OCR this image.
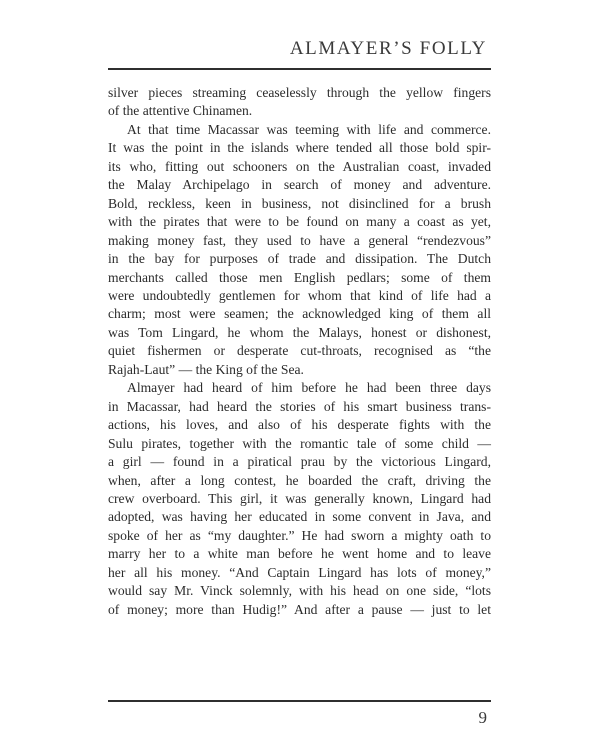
ALMAYER’S FOLLY
silver pieces streaming ceaselessly through the yellow fingers
of the attentive Chinamen.
At that time Macassar was teeming with life and commerce.
It was the point in the islands where tended all those bold spir-
its who, fitting out schooners on the Australian coast, invaded
the Malay Archipelago in search of money and adventure.
Bold, reckless, keen in business, not disinclined for a brush
with the pirates that were to be found on many a coast as yet,
making money fast, they used to have a general “rendezvous”
in the bay for purposes of trade and dissipation. The Dutch
merchants called those men English pedlars; some of them
were undoubtedly gentlemen for whom that kind of life had a
charm; most were seamen; the acknowledged king of them all
was Tom Lingard, he whom the Malays, honest or dishonest,
quiet fishermen or desperate cut-throats, recognised as “the
Rajah-Laut” — the King of the Sea.
Almayer had heard of him before he had been three days
in Macassar, had heard the stories of his smart business trans-
actions, his loves, and also of his desperate fights with the
Sulu pirates, together with the romantic tale of some child —
a girl — found in a piratical prau by the victorious Lingard,
when, after a long contest, he boarded the craft, driving the
crew overboard. This girl, it was generally known, Lingard had
adopted, was having her educated in some convent in Java, and
spoke of her as “my daughter.” He had sworn a mighty oath to
marry her to a white man before he went home and to leave
her all his money. “And Captain Lingard has lots of money,”
would say Mr. Vinck solemnly, with his head on one side, “lots
of money; more than Hudig!” And after a pause — just to let
9
